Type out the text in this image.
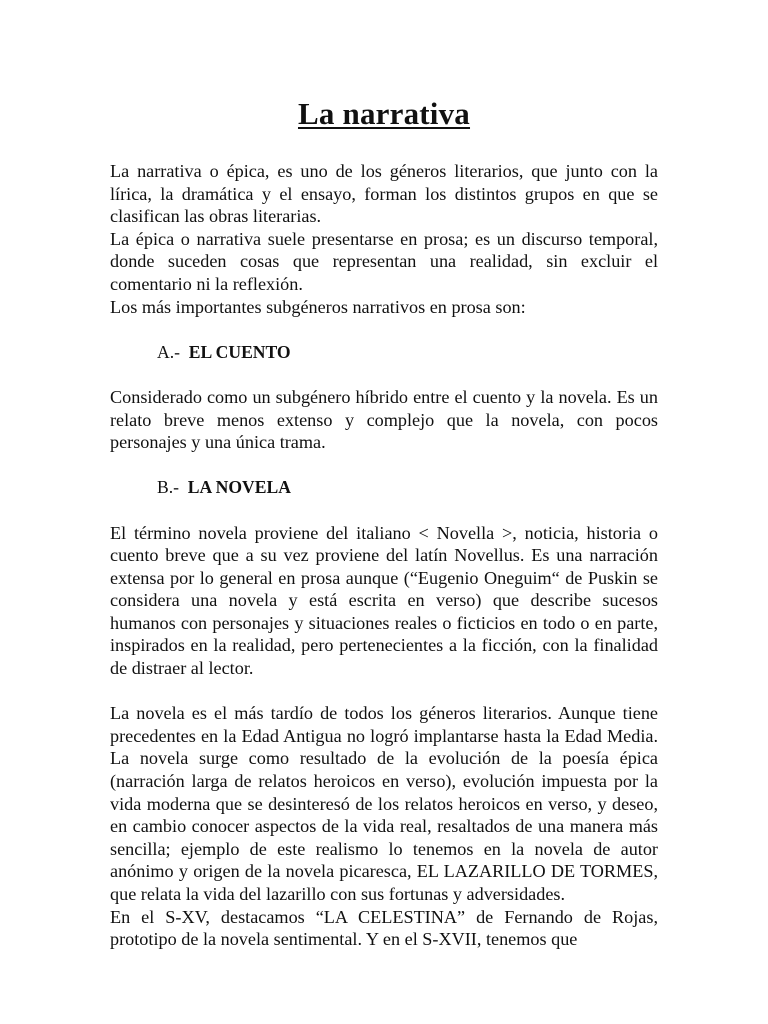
La narrativa

La narrativa o épica, es uno de los géneros literarios, que junto con la lírica, la dramática y el ensayo, forman los distintos grupos en que se clasifican las obras literarias.

La épica o narrativa suele presentarse en prosa; es un discurso temporal, donde suceden cosas que representan una realidad, sin excluir el comentario ni la reflexión.

Los más importantes subgéneros narrativos en prosa son:

A.- EL CUENTO

Considerado como un subgénero híbrido entre el cuento y la novela. Es un relato breve menos extenso y complejo que la novela, con pocos personajes y una única trama.

B.- LA NOVELA

El término novela proviene del italiano < Novella >, noticia, historia o cuento breve que a su vez proviene del latín Novellus. Es una narración extensa por lo general en prosa aunque (“Eugenio Oneguim“ de Puskin se considera una novela y está escrita en verso) que describe sucesos humanos con personajes y situaciones reales o ficticios en todo o en parte, inspirados en la realidad, pero pertenecientes a la ficción, con la finalidad de distraer al lector.

La novela es el más tardío de todos los géneros literarios. Aunque tiene precedentes en la Edad Antigua no logró implantarse hasta la Edad Media. La novela surge como resultado de la evolución de la poesía épica (narración larga de relatos heroicos en verso), evolución impuesta por la vida moderna que se desinteresó de los relatos heroicos en verso, y deseo, en cambio conocer aspectos de la vida real, resaltados de una manera más sencilla; ejemplo de este realismo lo tenemos en la novela de autor anónimo y origen de la novela picaresca, EL LAZARILLO DE TORMES, que relata la vida del lazarillo con sus fortunas y adversidades.

En el S-XV, destacamos “LA CELESTINA” de Fernando de Rojas, prototipo de la novela sentimental. Y en el S-XVII, tenemos que
